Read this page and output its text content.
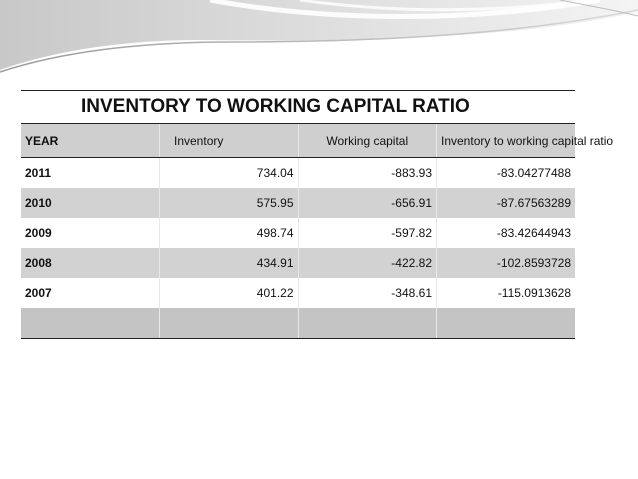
INVENTORY TO WORKING CAPITAL RATIO			
YEAR	Inventory	Working capital	Inventory to working capital ratio
2011	734.04	-883.93	-83.04277488
2010	575.95	-656.91	-87.67563289
2009	498.74	-597.82	-83.42644943
2008	434.91	-422.82	-102.8593728
2007	401.22	-348.61	-115.0913628
